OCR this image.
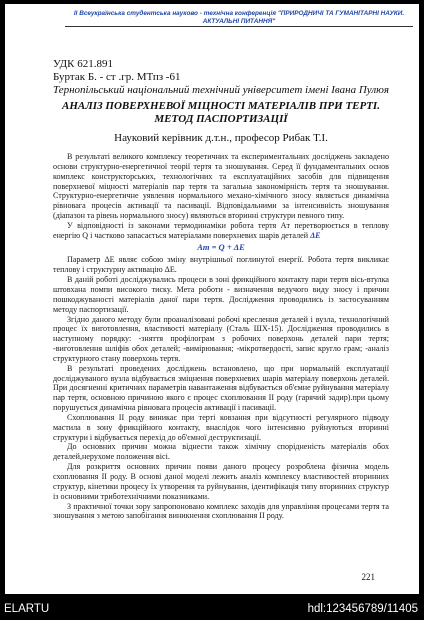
ІІ Всеукраїнська студентська науково - технічна конференція "ПРИРОДНИЧІ ТА ГУМАНІТАРНІ НАУКИ.
АКТУАЛЬНІ ПИТАННЯ"
УДК 621.891
Буртак Б. - ст .гр. МТпз -61
Тернопільський національний технічний університет імені Івана Пулюя
АНАЛІЗ ПОВЕРХНЕВОЇ МІЦНОСТІ МАТЕРІАЛІВ ПРИ ТЕРТІ.
МЕТОД ПАСПОРТИЗАЦІЇ
Науковий керівник д.т.н., професор Рибак Т.І.

В результаті великого комплексу теоретичних та експериментальних досліджень закладено основи структурно-енергетичної теорії тертя та зношування. Серед її фундаментальних основ комплекс конструкторських, технологічних та експлуатаційних засобів для підвищення поверхневої міцності матеріалів пар тертя та загальна закономірність тертя та зношування. Структурно-енергетичне уявлення нормального механо-хімічного зносу являється динамічна рівновага процесів активації та пасивації. Відповідальними за інтенсивність зношування (діапазон та рівень нормального зносу) являються вторинні структури певного типу.

У відповідності із законами термодинаміки робота тертя Aт перетворюється в теплову енергію Q і частково запасається матеріалами поверхневих шарів деталей ΔE

Aт = Q + ΔE

Параметр ΔE являє собою зміну внутрішньої поглинутої енергії. Робота тертя викликає теплову і структурну активацію ΔE.

В даній роботі досліджувались процеси в зоні фрикційного контакту пари тертя вісь-втулка штовхана помпи високого тиску. Мета роботи - визначення ведучого виду зносу і причин пошкоджуваності матеріалів даної пари тертя. Дослідження проводились із застосуванням методу паспортизації.

Згідно даного методу були проаналізовані робочі креслення деталей і вузла, технологічний процес їх виготовлення, властивості матеріалу (Сталь ШХ-15). Дослідження проводились в наступному порядку: -зняття профілограм з робочих поверхонь деталей пари тертя; -виготовлення шліфів обох деталей; -вимірювання; -мікротвердості, запис кругло грам; -аналіз структурного стану поверхонь тертя.

В результаті проведених досліджень встановлено, що при нормальній експлуатації досліджуваного вузла відбувається зміцнення поверхневих шарів матеріалу поверхонь деталей. При досягненні критичних параметрів навантаження відбувається об'ємне руйнування матеріалу пар тертя, основною причиною якого є процес схоплювання ІІ роду (гарячий задир).при цьому порушується динамічна рівновага процесів активації і пасивації.

Схоплювання ІІ роду виникає при терті ковзання при відсутності регулярного підводу мастила в зону фрикційного контакту, внаслідок чого інтенсивно руйнуються вторинні структури і відбувається перехід до об'ємної деструктизації.

До основних причин можна віднести також хімічну спорідненість матеріалів обох деталей,нерухоме положення вісі.

Для розкриття основних причин появи даного процесу розроблена фізична модель схоплювання ІІ роду. В основі даної моделі лежить аналіз комплексу властивостей вторинних структур, кінетики процесу їх утворення та руйнування, ідентифікація типу вторинних структур із основними триботехнічними показниками.

З практичної точки зору запропоновано комплекс заходів для управління процесами тертя та зношування з метою запобігання виникнення схоплювання ІІ роду.

221
ELARTU	hdl:123456789/11405
